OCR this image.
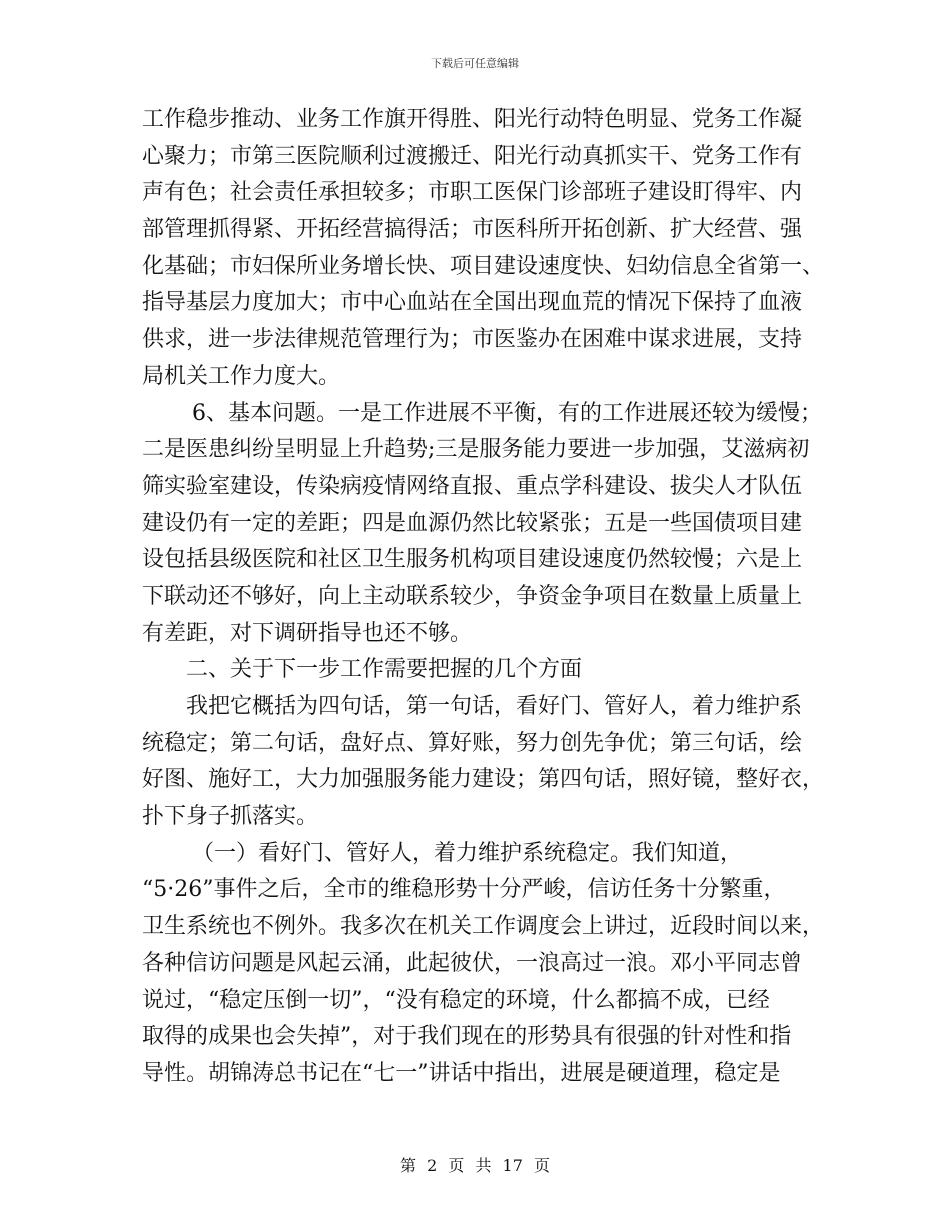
下载后可任意编辑
工作稳步推动、业务工作旗开得胜、阳光行动特色明显、党务工作凝
心聚力；市第三医院顺利过渡搬迁、阳光行动真抓实干、党务工作有
声有色；社会责任承担较多；市职工医保门诊部班子建设盯得牢、内
部管理抓得紧、开拓经营搞得活；市医科所开拓创新、扩大经营、强
化基础；市妇保所业务增长快、项目建设速度快、妇幼信息全省第一、
指导基层力度加大；市中心血站在全国出现血荒的情况下保持了血液
供求，进一步法律规范管理行为；市医鉴办在困难中谋求进展，支持
局机关工作力度大。
6、基本问题。一是工作进展不平衡，有的工作进展还较为缓慢；
二是医患纠纷呈明显上升趋势;三是服务能力要进一步加强，艾滋病初
筛实验室建设，传染病疫情网络直报、重点学科建设、拔尖人才队伍
建设仍有一定的差距；四是血源仍然比较紧张；五是一些国债项目建
设包括县级医院和社区卫生服务机构项目建设速度仍然较慢；六是上
下联动还不够好，向上主动联系较少，争资金争项目在数量上质量上
有差距，对下调研指导也还不够。
二、关于下一步工作需要把握的几个方面
我把它概括为四句话，第一句话，看好门、管好人，着力维护系
统稳定；第二句话，盘好点、算好账，努力创先争优；第三句话，绘
好图、施好工，大力加强服务能力建设；第四句话，照好镜，整好衣，
扑下身子抓落实。
（一）看好门、管好人，着力维护系统稳定。我们知道，
“5·26”事件之后，全市的维稳形势十分严峻，信访任务十分繁重，
卫生系统也不例外。我多次在机关工作调度会上讲过，近段时间以来，
各种信访问题是风起云涌，此起彼伏，一浪高过一浪。邓小平同志曾
说过，“稳定压倒一切”，“没有稳定的环境，什么都搞不成，已经
取得的成果也会失掉”，对于我们现在的形势具有很强的针对性和指
导性。胡锦涛总书记在“七一”讲话中指出，进展是硬道理，稳定是
第 2 页 共 17 页
